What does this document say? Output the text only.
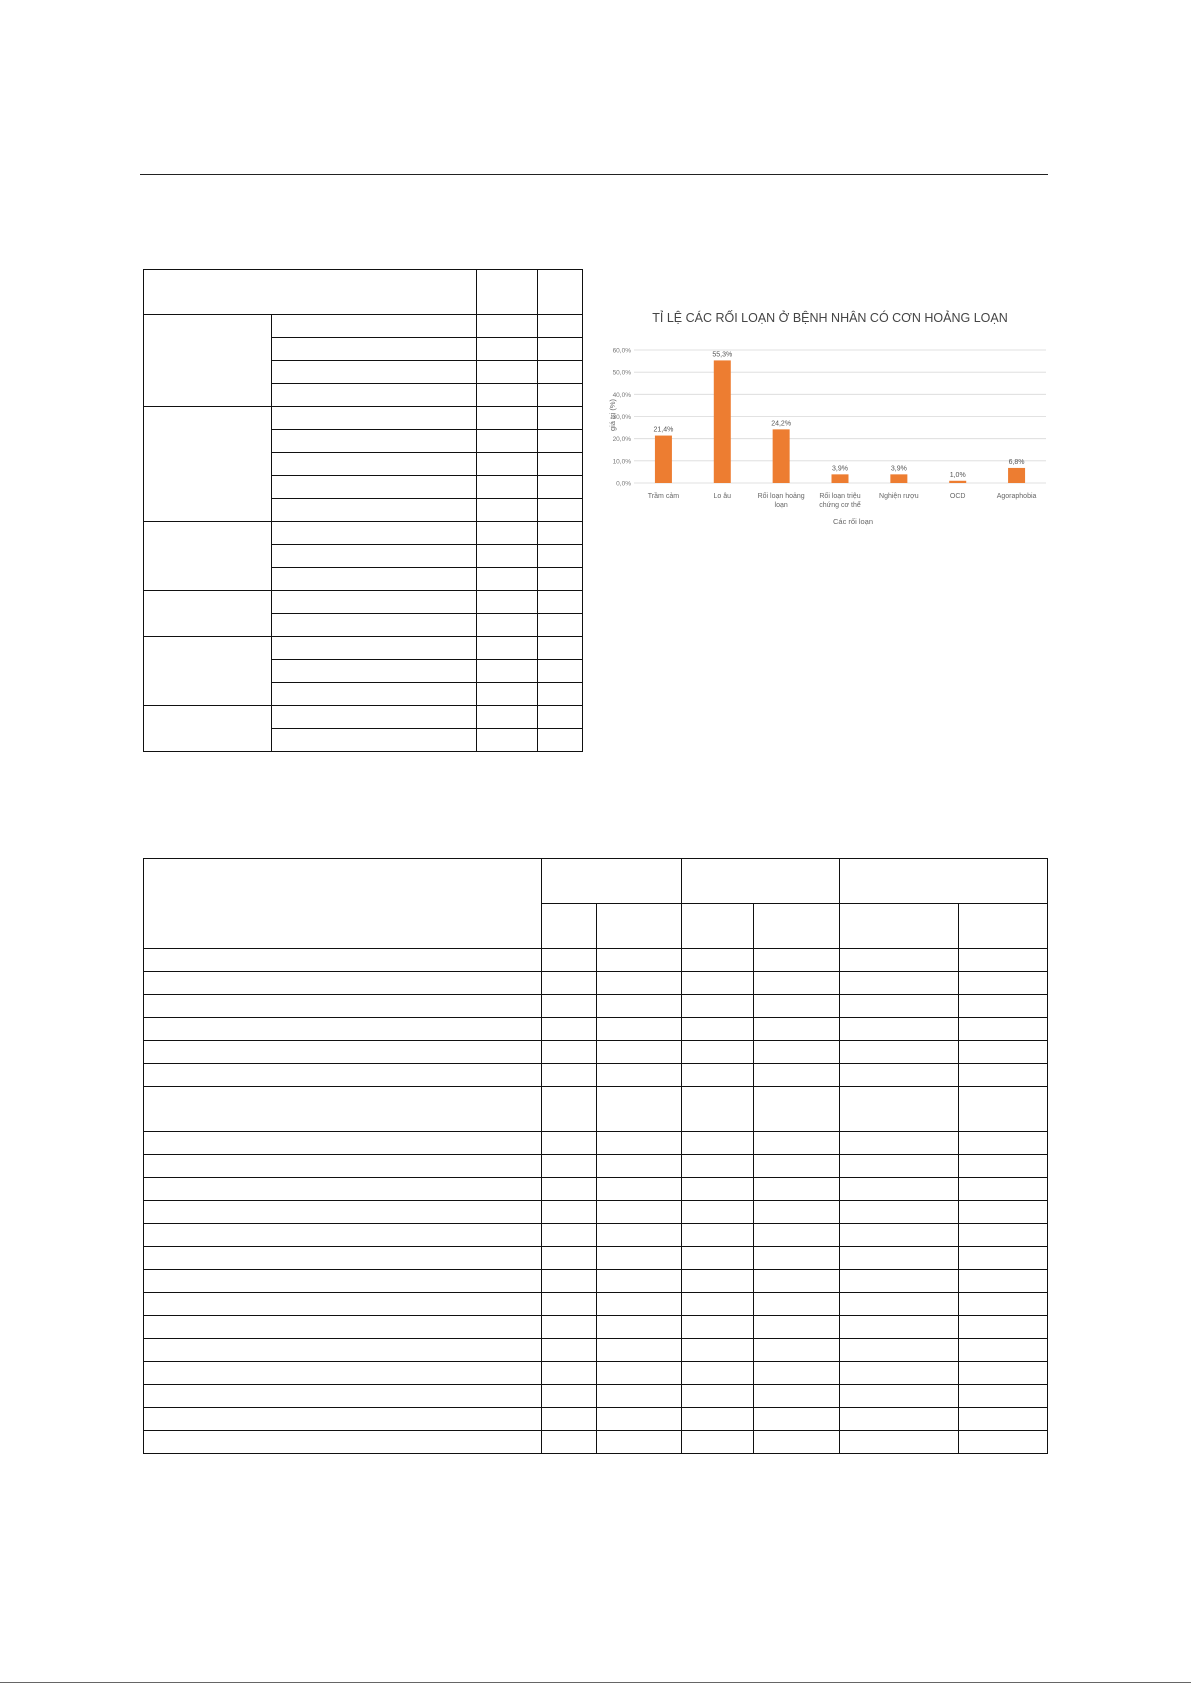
TỈ LỆ CÁC RỐI LOẠN Ở BỆNH NHÂN CÓ CƠN HOẢNG LOẠN
0,0%
10,0%
20,0%
30,0%
40,0%
50,0%
60,0%
21,4%
55,3%
24,2%
3,9%	3,9%
1,0%
6,8%
Trầm cảm	Lo âu	Rối loạn hoảng loạn
Rối loạn triệu chứng cơ thể
Nghiện rượu	OCD	Agoraphobia
giá trị (%)
Các rối loạn
